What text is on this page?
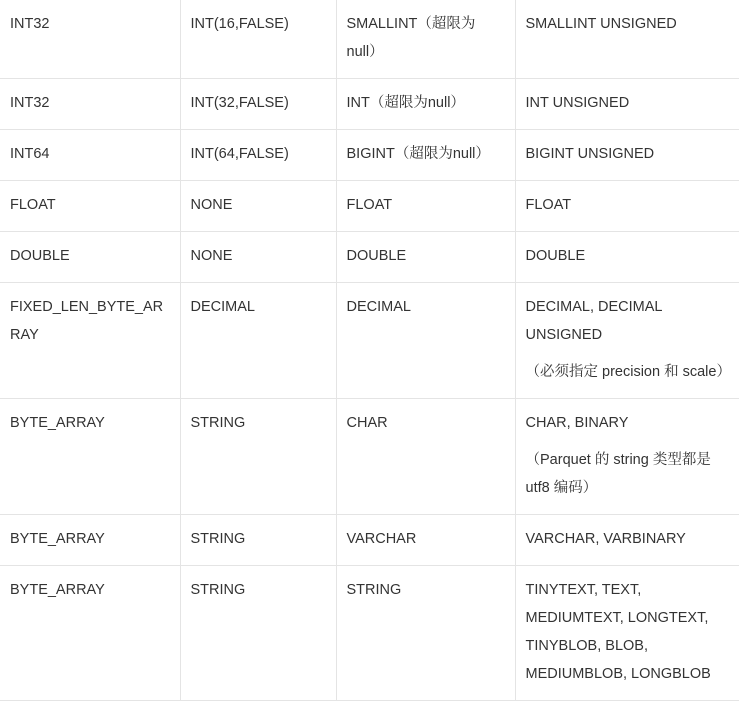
INT32	INT(16,FALSE)	SMALLINT（超限为null）	SMALLINT UNSIGNED

INT32	INT(32,FALSE)	INT（超限为null）	INT UNSIGNED

INT64	INT(64,FALSE)	BIGINT（超限为null）	BIGINT UNSIGNED

FLOAT	NONE	FLOAT	FLOAT

DOUBLE	NONE	DOUBLE	DOUBLE

FIXED_LEN_BYTE_ARRAY	DECIMAL	DECIMAL	DECIMAL, DECIMAL UNSIGNED
（必须指定 precision 和 scale）

BYTE_ARRAY	STRING	CHAR	CHAR, BINARY
（Parquet 的 string 类型都是 utf8 编码）

BYTE_ARRAY	STRING	VARCHAR	VARCHAR, VARBINARY

BYTE_ARRAY	STRING	STRING	TINYTEXT, TEXT, MEDIUMTEXT, LONGTEXT, TINYBLOB, BLOB, MEDIUMBLOB, LONGBLOB
